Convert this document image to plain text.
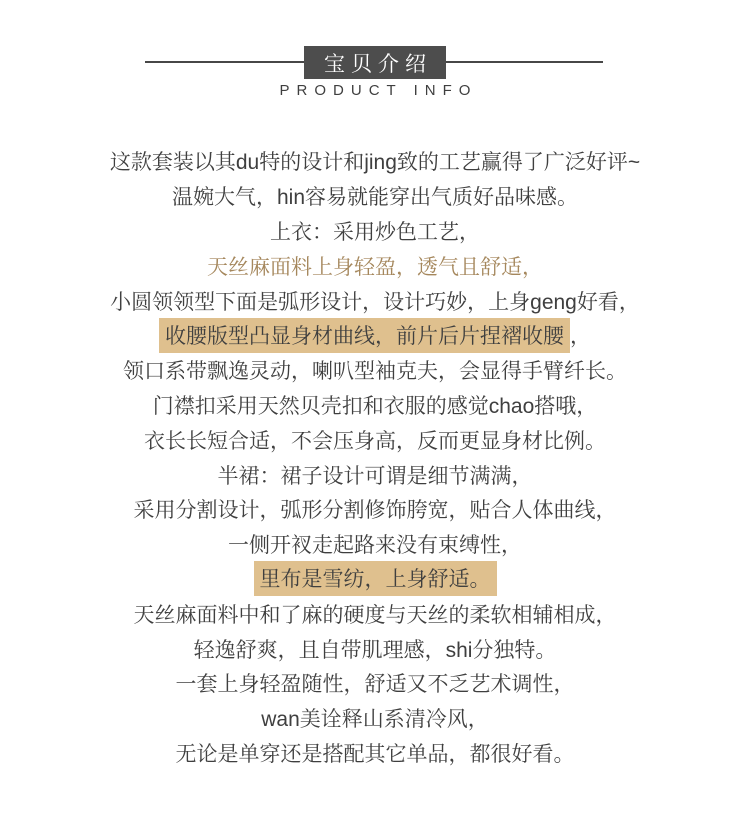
宝贝介绍
PRODUCT INFO
这款套装以其du特的设计和jing致的工艺赢得了广泛好评~
温婉大气，hin容易就能穿出气质好品味感。
上衣：采用炒色工艺，
天丝麻面料上身轻盈，透气且舒适，
小圆领领型下面是弧形设计，设计巧妙，上身geng好看，
收腰版型凸显身材曲线，前片后片捏褶收腰 ，
领口系带飘逸灵动，喇叭型袖克夫，会显得手臂纤长。
门襟扣采用天然贝壳扣和衣服的感觉chao搭哦，
衣长长短合适，不会压身高，反而更显身材比例。
半裙：裙子设计可谓是细节满满，
采用分割设计，弧形分割修饰胯宽，贴合人体曲线，
一侧开衩走起路来没有束缚性，
里布是雪纺，上身舒适。
天丝麻面料中和了麻的硬度与天丝的柔软相辅相成，
轻逸舒爽，且自带肌理感，shi分独特。
一套上身轻盈随性，舒适又不乏艺术调性，
wan美诠释山系清冷风，
无论是单穿还是搭配其它单品，都很好看。
